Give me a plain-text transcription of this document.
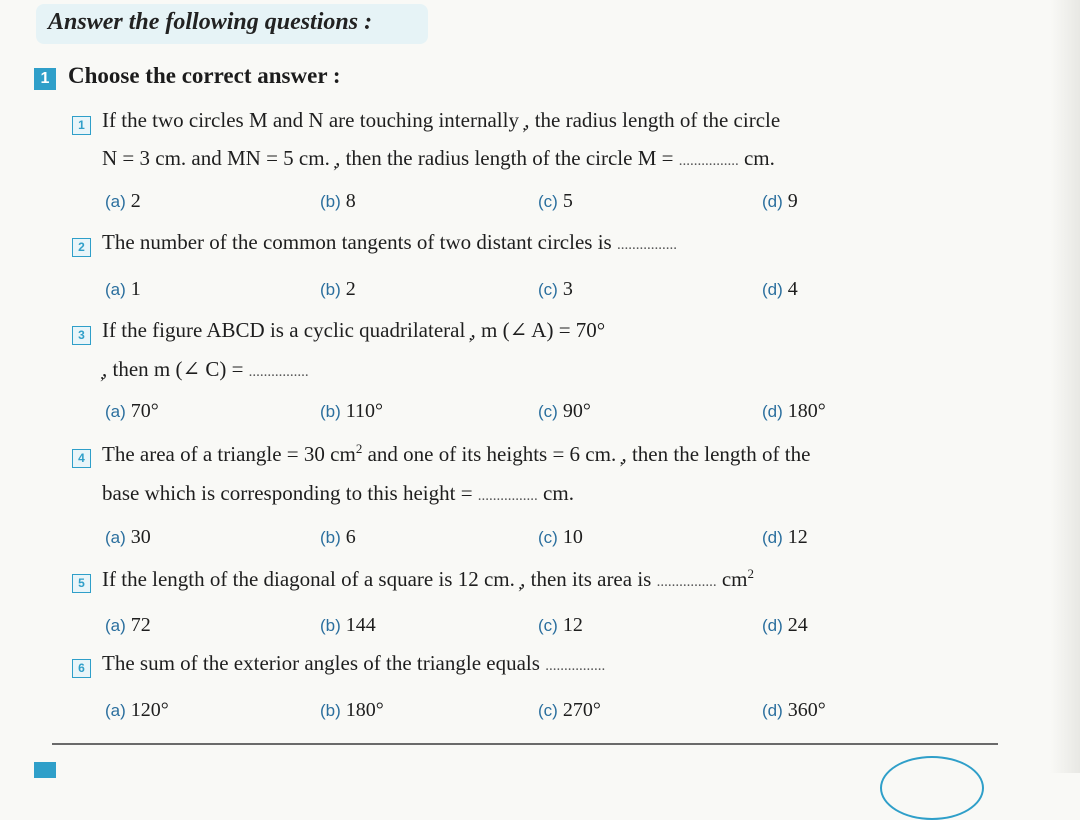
Answer the following questions :
1 Choose the correct answer :
1 If the two circles M and N are touching internally ̦, the radius length of the circle
N = 3 cm. and MN = 5 cm. ̦, then the radius length of the circle M = ................ cm.
(a) 2	(b) 8	(c) 5	(d) 9
2 The number of the common tangents of two distant circles is ................
(a) 1	(b) 2	(c) 3	(d) 4
3 If the figure ABCD is a cyclic quadrilateral ̦, m (∠ A) = 70°
̦, then m (∠ C) = ................
(a) 70°	(b) 110°	(c) 90°	(d) 180°
4 The area of a triangle = 30 $cm^2$ and one of its heights = 6 cm. ̦, then the length of the
base which is corresponding to this height = ................ cm.
(a) 30	(b) 6	(c) 10	(d) 12
5 If the length of the diagonal of a square is 12 cm. ̦, then its area is ................ $cm^2$
(a) 72	(b) 144	(c) 12	(d) 24
6 The sum of the exterior angles of the triangle equals ................
(a) 120°	(b) 180°	(c) 270°	(d) 360°
